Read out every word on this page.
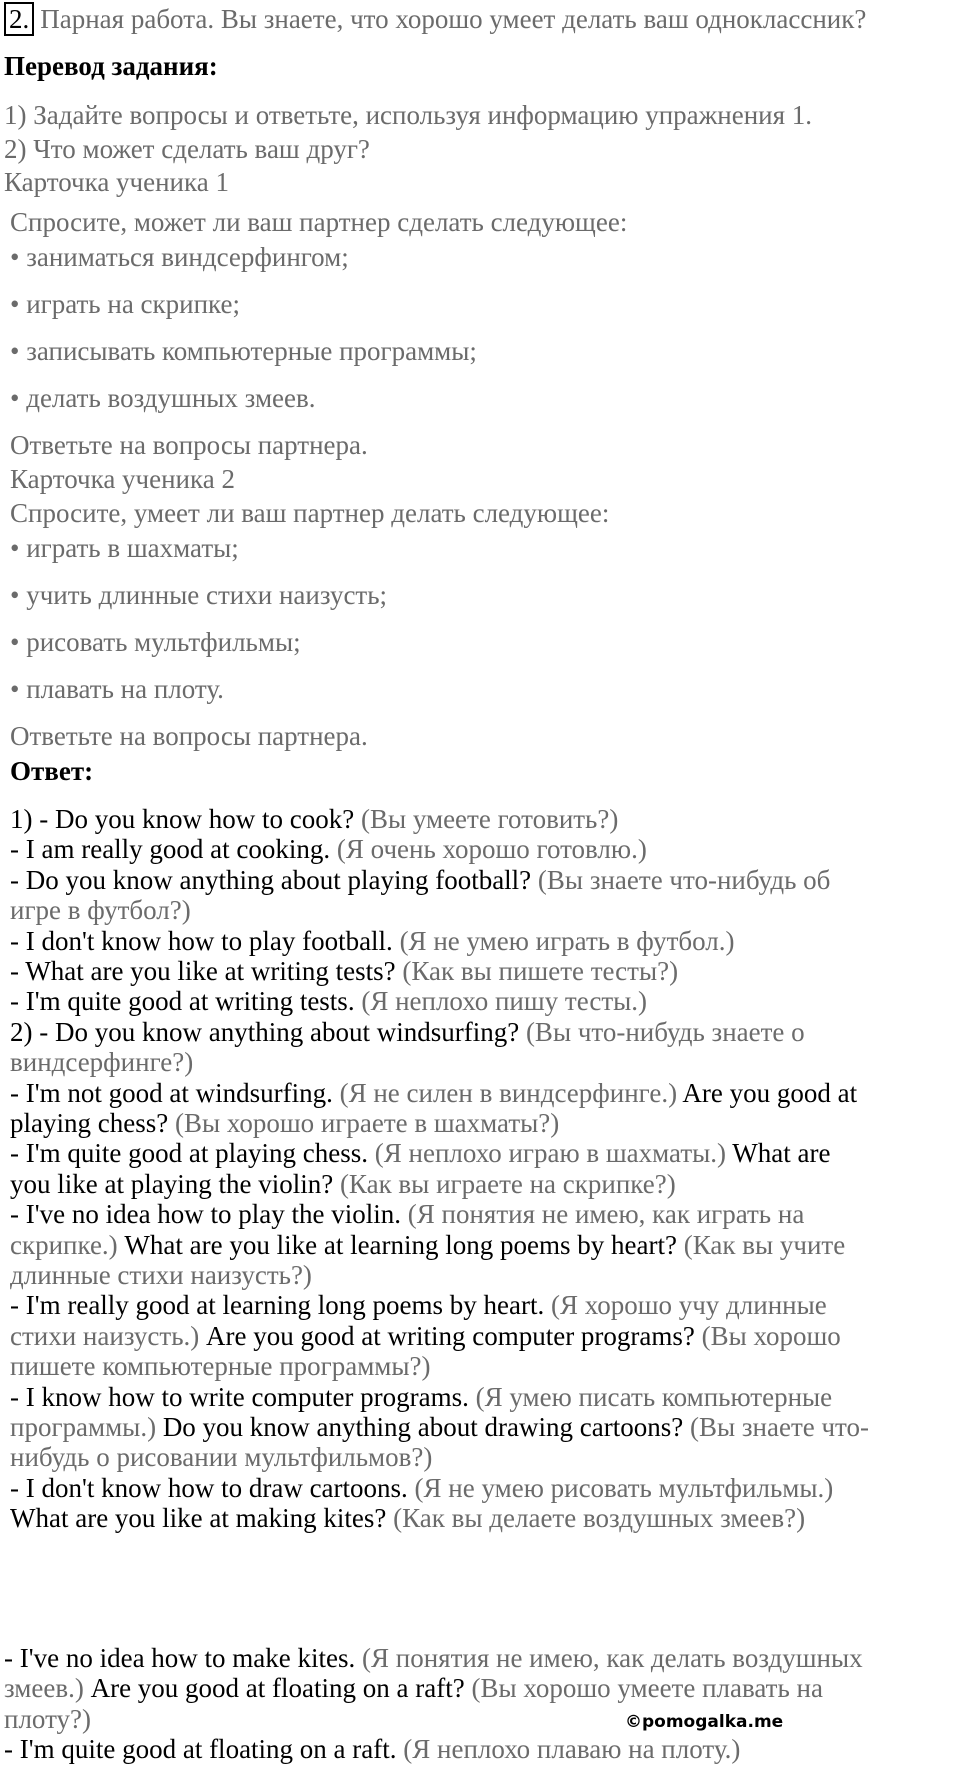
2. Парная работа. Вы знаете, что хорошо умеет делать ваш одноклассник?
Перевод задания:
1) Задайте вопросы и ответьте, используя информацию упражнения 1.
2) Что может сделать ваш друг?
Карточка ученика 1
Спросите, может ли ваш партнер сделать следующее:
• заниматься виндсерфингом;
• играть на скрипке;
• записывать компьютерные программы;
• делать воздушных змеев.
Ответьте на вопросы партнера.
Карточка ученика 2
Спросите, умеет ли ваш партнер делать следующее:
• играть в шахматы;
• учить длинные стихи наизусть;
• рисовать мультфильмы;
• плавать на плоту.
Ответьте на вопросы партнера.
Ответ:
1) - Do you know how to cook? (Вы умеете готовить?)
- I am really good at cooking. (Я очень хорошо готовлю.)
- Do you know anything about playing football? (Вы знаете что-нибудь об
игре в футбол?)
- I don't know how to play football. (Я не умею играть в футбол.)
- What are you like at writing tests? (Как вы пишете тесты?)
- I'm quite good at writing tests. (Я неплохо пишу тесты.)
2) - Do you know anything about windsurfing? (Вы что-нибудь знаете о
виндсерфинге?)
- I'm not good at windsurfing. (Я не силен в виндсерфинге.) Are you good at
playing chess? (Вы хорошо играете в шахматы?)
- I'm quite good at playing chess. (Я неплохо играю в шахматы.) What are
you like at playing the violin? (Как вы играете на скрипке?)
- I've no idea how to play the violin. (Я понятия не имею, как играть на
скрипке.) What are you like at learning long poems by heart? (Как вы учите
длинные стихи наизусть?)
- I'm really good at learning long poems by heart. (Я хорошо учу длинные
стихи наизусть.) Are you good at writing computer programs? (Вы хорошо
пишете компьютерные программы?)
- I know how to write computer programs. (Я умею писать компьютерные
программы.) Do you know anything about drawing cartoons? (Вы знаете что-
нибудь о рисовании мультфильмов?)
- I don't know how to draw cartoons. (Я не умею рисовать мультфильмы.)
What are you like at making kites? (Как вы делаете воздушных змеев?)
- I've no idea how to make kites. (Я понятия не имею, как делать воздушных
змеев.) Are you good at floating on a raft? (Вы хорошо умеете плавать на
плоту?)
- I'm quite good at floating on a raft. (Я неплохо плаваю на плоту.)
©pomogalka.me
